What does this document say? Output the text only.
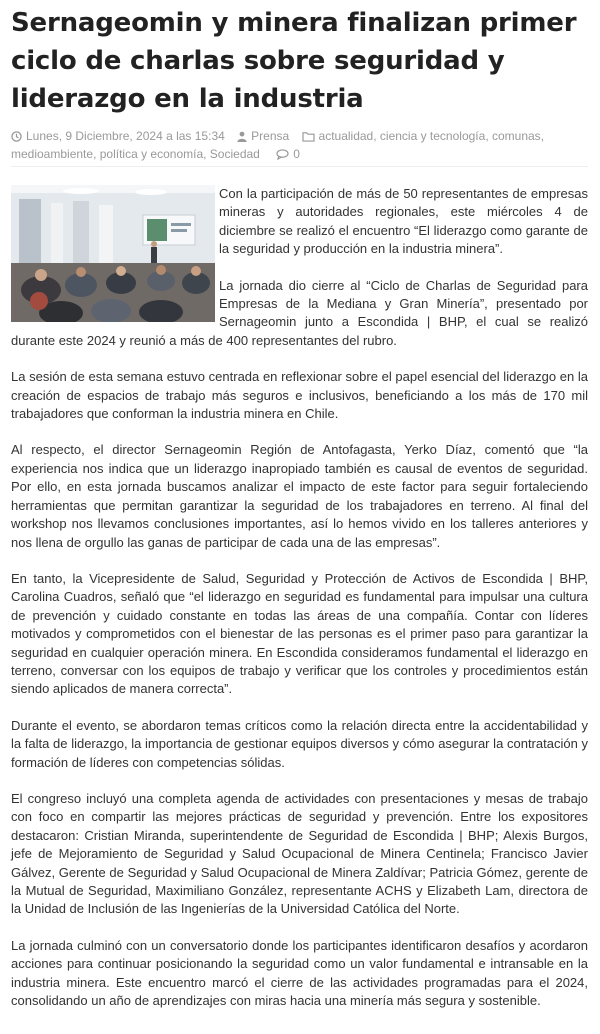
Sernageomin y minera finalizan primer ciclo de charlas sobre seguridad y liderazgo en la industria
Lunes, 9 Diciembre, 2024 a las 15:34 Prensa actualidad, ciencia y tecnología, comunas,
medioambiente, política y economía, Sociedad	0

Con la participación de más de 50 representantes de empresas mineras y autoridades regionales, este miércoles 4 de diciembre se realizó el encuentro “El liderazgo como garante de la seguridad y producción en la industria minera”.

La jornada dio cierre al “Ciclo de Charlas de Seguridad para Empresas de la Mediana y Gran Minería”, presentado por Sernageomin junto a Escondida | BHP, el cual se realizó durante este 2024 y reunió a más de 400 representantes del rubro.

La sesión de esta semana estuvo centrada en reflexionar sobre el papel esencial del liderazgo en la creación de espacios de trabajo más seguros e inclusivos, beneficiando a los más de 170 mil trabajadores que conforman la industria minera en Chile.

Al respecto, el director Sernageomin Región de Antofagasta, Yerko Díaz, comentó que “la experiencia nos indica que un liderazgo inapropiado también es causal de eventos de seguridad. Por ello, en esta jornada buscamos analizar el impacto de este factor para seguir fortaleciendo herramientas que permitan garantizar la seguridad de los trabajadores en terreno. Al final del workshop nos llevamos conclusiones importantes, así lo hemos vivido en los talleres anteriores y nos llena de orgullo las ganas de participar de cada una de las empresas”.

En tanto, la Vicepresidente de Salud, Seguridad y Protección de Activos de Escondida | BHP, Carolina Cuadros, señaló que “el liderazgo en seguridad es fundamental para impulsar una cultura de prevención y cuidado constante en todas las áreas de una compañía. Contar con líderes motivados y comprometidos con el bienestar de las personas es el primer paso para garantizar la seguridad en cualquier operación minera. En Escondida consideramos fundamental el liderazgo en terreno, conversar con los equipos de trabajo y verificar que los controles y procedimientos están siendo aplicados de manera correcta”.

Durante el evento, se abordaron temas críticos como la relación directa entre la accidentabilidad y la falta de liderazgo, la importancia de gestionar equipos diversos y cómo asegurar la contratación y formación de líderes con competencias sólidas.

El congreso incluyó una completa agenda de actividades con presentaciones y mesas de trabajo con foco en compartir las mejores prácticas de seguridad y prevención. Entre los expositores destacaron: Cristian Miranda, superintendente de Seguridad de Escondida | BHP; Alexis Burgos, jefe de Mejoramiento de Seguridad y Salud Ocupacional de Minera Centinela; Francisco Javier Gálvez, Gerente de Seguridad y Salud Ocupacional de Minera Zaldívar; Patricia Gómez, gerente de la Mutual de Seguridad, Maximiliano González, representante ACHS y Elizabeth Lam, directora de la Unidad de Inclusión de las Ingenierías de la Universidad Católica del Norte.

La jornada culminó con un conversatorio donde los participantes identificaron desafíos y acordaron acciones para continuar posicionando la seguridad como un valor fundamental e intransable en la industria minera. Este encuentro marcó el cierre de las actividades programadas para el 2024, consolidando un año de aprendizajes con miras hacia una minería más segura y sostenible.
